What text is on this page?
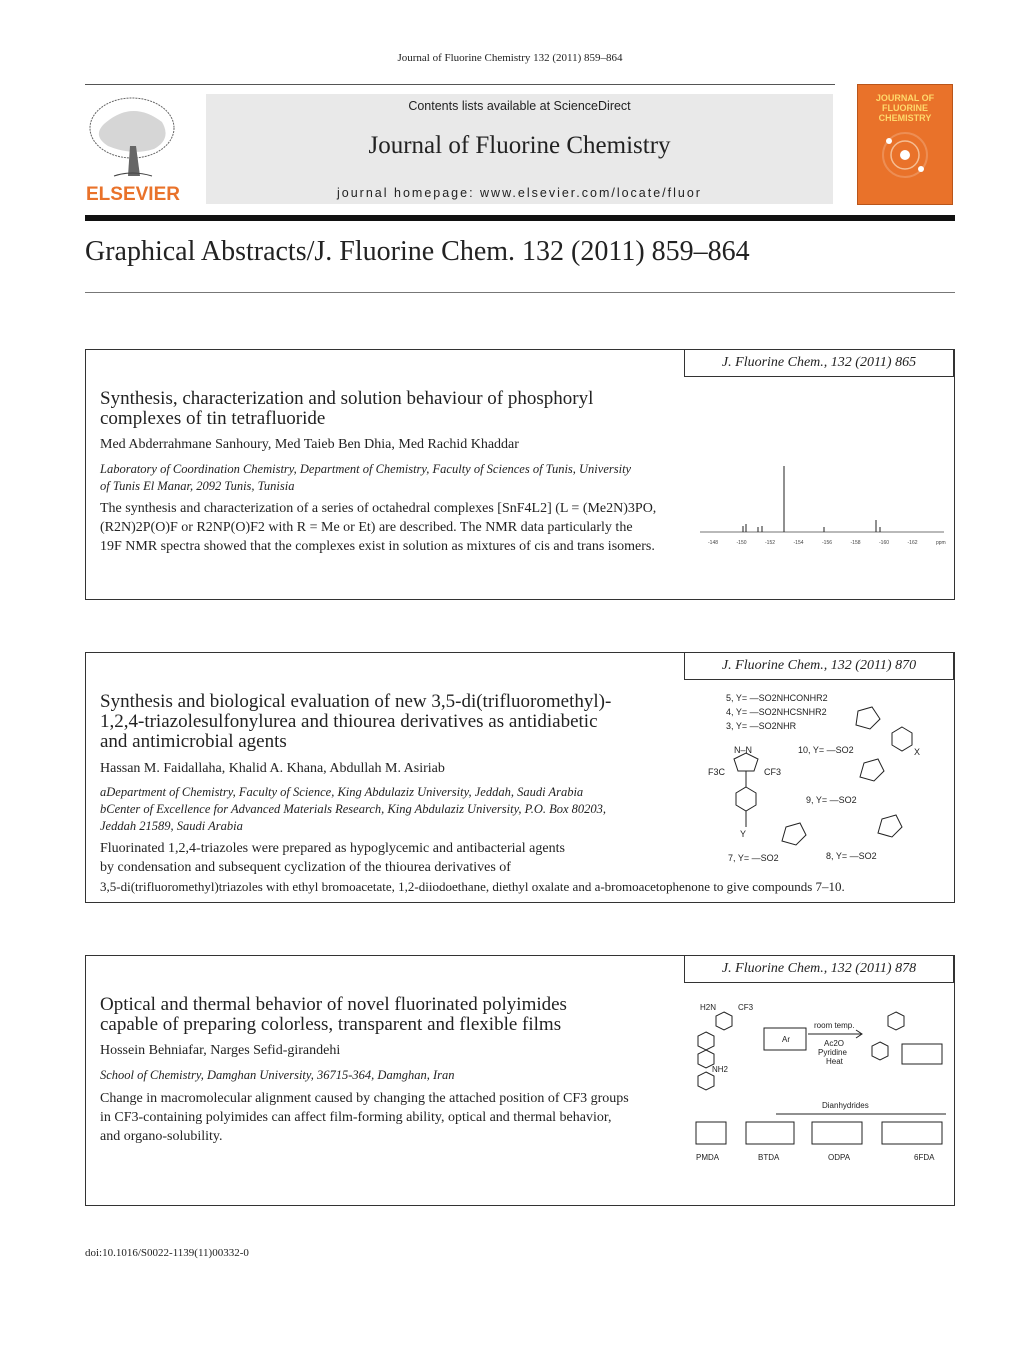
Journal of Fluorine Chemistry 132 (2011) 859–864
ELSEVIER
Contents lists available at ScienceDirect
Journal of Fluorine Chemistry
journal homepage: www.elsevier.com/locate/fluor
JOURNAL OF FLUORINE CHEMISTRY
Graphical Abstracts/J. Fluorine Chem. 132 (2011) 859–864
J. Fluorine Chem., 132 (2011) 865
Synthesis, characterization and solution behaviour of phosphoryl
complexes of tin tetrafluoride
Med Abderrahmane Sanhoury, Med Taieb Ben Dhia, Med Rachid Khaddar
Laboratory of Coordination Chemistry, Department of Chemistry, Faculty of Sciences of Tunis, University
of Tunis El Manar, 2092 Tunis, Tunisia
The synthesis and characterization of a series of octahedral complexes [SnF4L2] (L = (Me2N)3PO,
(R2N)2P(O)F or R2NP(O)F2 with R = Me or Et) are described. The NMR data particularly the
19F NMR spectra showed that the complexes exist in solution as mixtures of cis and trans isomers.	-148	-150	-152	-154	-156	-158	-160	-162	ppm
J. Fluorine Chem., 132 (2011) 870
Synthesis and biological evaluation of new 3,5-di(trifluoromethyl)-
1,2,4-triazolesulfonylurea and thiourea derivatives as antidiabetic
and antimicrobial agents
Hassan M. Faidallaha, Khalid A. Khana, Abdullah M. Asiriab
aDepartment of Chemistry, Faculty of Science, King Abdulaziz University, Jeddah, Saudi Arabia
bCenter of Excellence for Advanced Materials Research, King Abdulaziz University, P.O. Box 80203,
Jeddah 21589, Saudi Arabia
Fluorinated 1,2,4-triazoles were prepared as hypoglycemic and antibacterial agents
by condensation and subsequent cyclization of the thiourea derivatives of
3,5-di(trifluoromethyl)triazoles with ethyl bromoacetate, 1,2-diiodoethane, diethyl oxalate and a-bromoacetophenone to give compounds 7–10.
5, Y= —SO2NHCONHR2
4, Y= —SO2NHCSNHR2
3, Y= —SO2NHR
10, Y= —SO2
9, Y= —SO2
7, Y= —SO2	8, Y= —SO2
F3C	CF3
N–N
Y
X
J. Fluorine Chem., 132 (2011) 878
Optical and thermal behavior of novel fluorinated polyimides
capable of preparing colorless, transparent and flexible films
Hossein Behniafar, Narges Sefid-girandehi
School of Chemistry, Damghan University, 36715-364, Damghan, Iran
Change in macromolecular alignment caused by changing the attached position of CF3 groups
in CF3-containing polyimides can affect film-forming ability, optical and thermal behavior,
and organo-solubility.
H2N	CF3
NH2
room temp.
Ac2O
Pyridine
Heat
Ar
Dianhydrides
PMDA	BTDA	ODPA	6FDA
doi:10.1016/S0022-1139(11)00332-0
